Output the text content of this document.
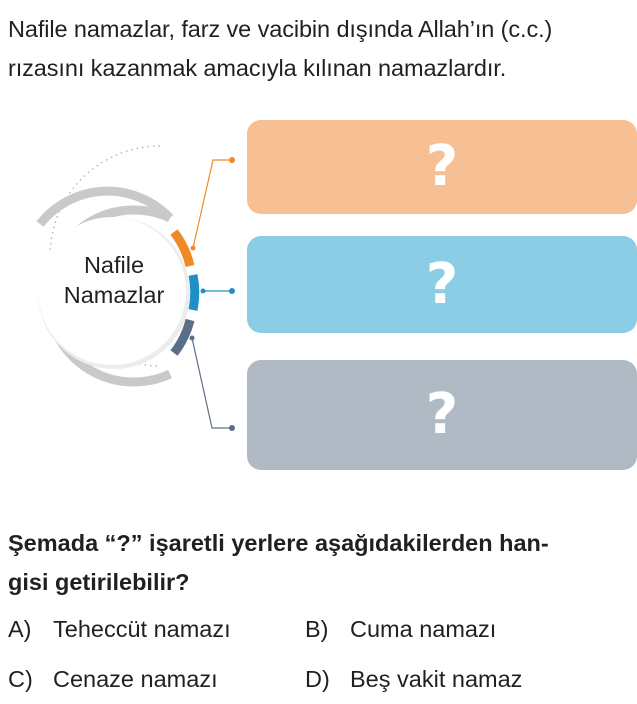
Nafile namazlar, farz ve vacibin dışında Allah’ın (c.c.)
rızasını kazanmak amacıyla kılınan namazlardır.
Nafile
Namazlar
?
?
?
Şemada “?” işaretli yerlere aşağıdakilerden han-
gisi getirilebilir?
A) Teheccüt namazı	B) Cuma namazı
C) Cenaze namazı	D) Beş vakit namaz
